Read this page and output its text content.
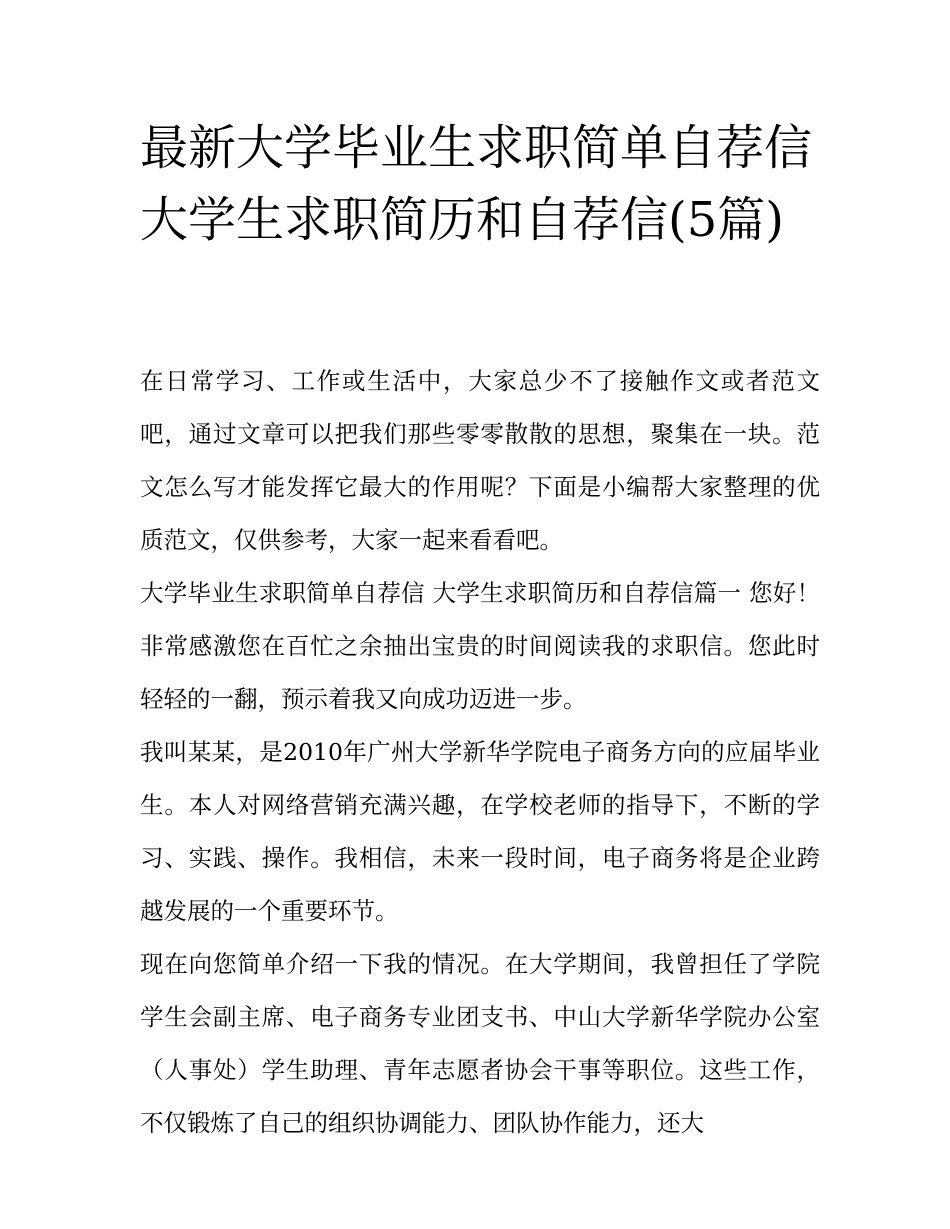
最新大学毕业生求职简单自荐信 大学生求职简历和自荐信(5篇)

在日常学习、工作或生活中，大家总少不了接触作文或者范文吧，通过文章可以把我们那些零零散散的思想，聚集在一块。范文怎么写才能发挥它最大的作用呢？下面是小编帮大家整理的优质范文，仅供参考，大家一起来看看吧。

大学毕业生求职简单自荐信 大学生求职简历和自荐信篇一 您好！非常感激您在百忙之余抽出宝贵的时间阅读我的求职信。您此时轻轻的一翻，预示着我又向成功迈进一步。

我叫某某，是2010年广州大学新华学院电子商务方向的应届毕业生。本人对网络营销充满兴趣，在学校老师的指导下，不断的学习、实践、操作。我相信，未来一段时间，电子商务将是企业跨越发展的一个重要环节。

现在向您简单介绍一下我的情况。在大学期间，我曾担任了学院学生会副主席、电子商务专业团支书、中山大学新华学院办公室（人事处）学生助理、青年志愿者协会干事等职位。这些工作，不仅锻炼了自己的组织协调能力、团队协作能力，还大
